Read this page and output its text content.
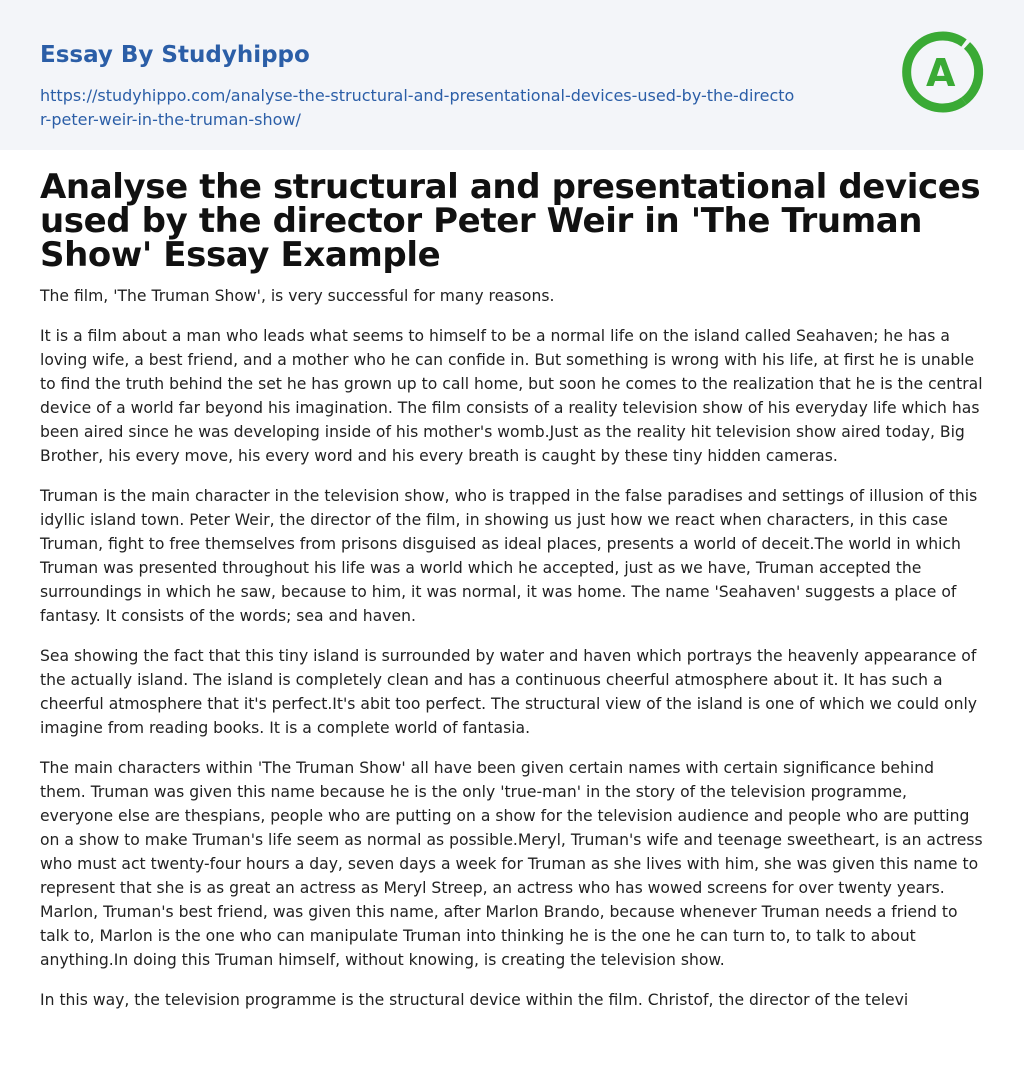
Essay By Studyhippo
https://studyhippo.com/analyse-the-structural-and-presentational-devices-used-by-the-director-peter-weir-in-the-truman-show/
A
Analyse the structural and presentational devices used by the director Peter Weir in 'The Truman Show' Essay Example

The film, 'The Truman Show', is very successful for many reasons.

It is a film about a man who leads what seems to himself to be a normal life on the island called Seahaven; he has a loving wife, a best friend, and a mother who he can confide in. But something is wrong with his life, at first he is unable to find the truth behind the set he has grown up to call home, but soon he comes to the realization that he is the central device of a world far beyond his imagination. The film consists of a reality television show of his everyday life which has been aired since he was developing inside of his mother's womb.Just as the reality hit television show aired today, Big Brother, his every move, his every word and his every breath is caught by these tiny hidden cameras.

Truman is the main character in the television show, who is trapped in the false paradises and settings of illusion of this idyllic island town. Peter Weir, the director of the film, in showing us just how we react when characters, in this case Truman, fight to free themselves from prisons disguised as ideal places, presents a world of deceit.The world in which Truman was presented throughout his life was a world which he accepted, just as we have, Truman accepted the surroundings in which he saw, because to him, it was normal, it was home. The name 'Seahaven' suggests a place of fantasy. It consists of the words; sea and haven.

Sea showing the fact that this tiny island is surrounded by water and haven which portrays the heavenly appearance of the actually island. The island is completely clean and has a continuous cheerful atmosphere about it. It has such a cheerful atmosphere that it's perfect.It's abit too perfect. The structural view of the island is one of which we could only imagine from reading books. It is a complete world of fantasia.

The main characters within 'The Truman Show' all have been given certain names with certain significance behind them. Truman was given this name because he is the only 'true-man' in the story of the television programme, everyone else are thespians, people who are putting on a show for the television audience and people who are putting on a show to make Truman's life seem as normal as possible.Meryl, Truman's wife and teenage sweetheart, is an actress who must act twenty-four hours a day, seven days a week for Truman as she lives with him, she was given this name to represent that she is as great an actress as Meryl Streep, an actress who has wowed screens for over twenty years. Marlon, Truman's best friend, was given this name, after Marlon Brando, because whenever Truman needs a friend to talk to, Marlon is the one who can manipulate Truman into thinking he is the one he can turn to, to talk to about anything.In doing this Truman himself, without knowing, is creating the television show.

In this way, the television programme is the structural device within the film. Christof, the director of the televi
